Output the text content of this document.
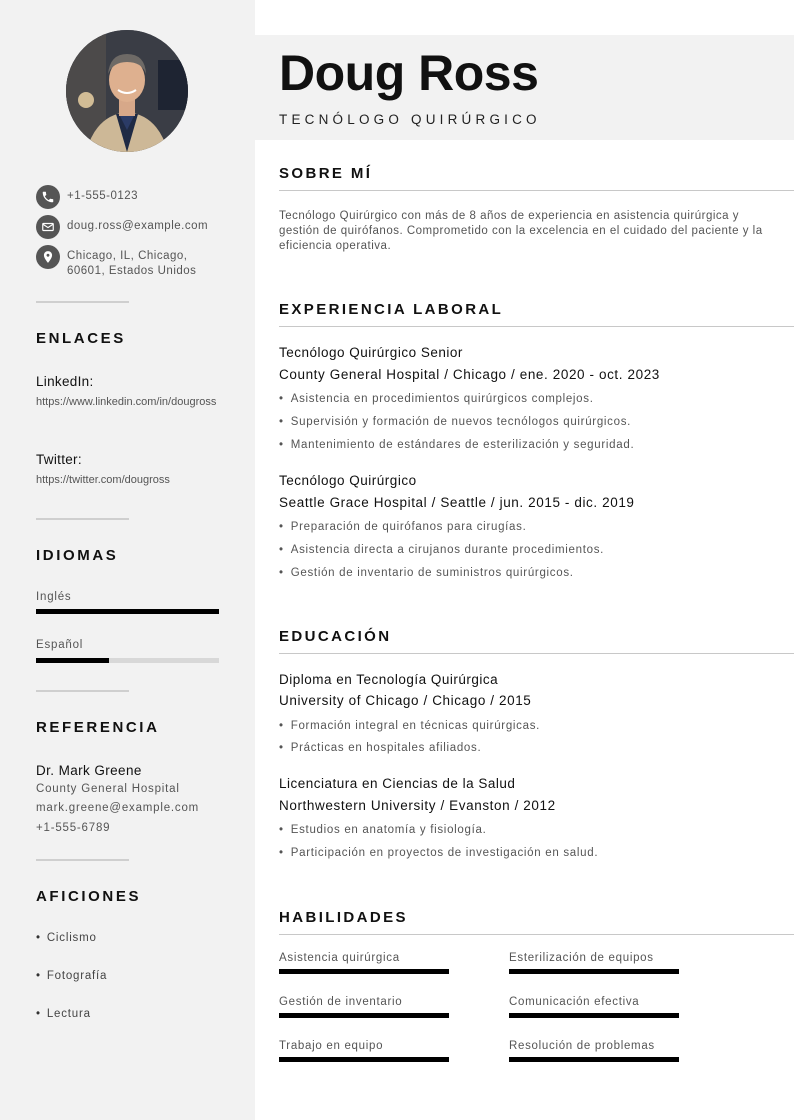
+1-555-0123
doug.ross@example.com
Chicago, IL, Chicago, 60601, Estados Unidos
ENLACES
LinkedIn:
https://www.linkedin.com/in/dougross
Twitter:
https://twitter.com/dougross
IDIOMAS
Inglés
Español
REFERENCIA
Dr. Mark Greene
County General Hospital
mark.greene@example.com
+1-555-6789
AFICIONES
• Ciclismo
• Fotografía
• Lectura
Doug Ross
TECNÓLOGO QUIRÚRGICO
SOBRE MÍ
Tecnólogo Quirúrgico con más de 8 años de experiencia en asistencia quirúrgica y gestión de quirófanos. Comprometido con la excelencia en el cuidado del paciente y la eficiencia operativa.
EXPERIENCIA LABORAL
Tecnólogo Quirúrgico Senior
County General Hospital / Chicago / ene. 2020 - oct. 2023
• Asistencia en procedimientos quirúrgicos complejos.
• Supervisión y formación de nuevos tecnólogos quirúrgicos.
• Mantenimiento de estándares de esterilización y seguridad.
Tecnólogo Quirúrgico
Seattle Grace Hospital / Seattle / jun. 2015 - dic. 2019
• Preparación de quirófanos para cirugías.
• Asistencia directa a cirujanos durante procedimientos.
• Gestión de inventario de suministros quirúrgicos.
EDUCACIÓN
Diploma en Tecnología Quirúrgica
University of Chicago / Chicago / 2015
• Formación integral en técnicas quirúrgicas.
• Prácticas en hospitales afiliados.
Licenciatura en Ciencias de la Salud
Northwestern University / Evanston / 2012
• Estudios en anatomía y fisiología.
• Participación en proyectos de investigación en salud.
HABILIDADES
Asistencia quirúrgica	Esterilización de equipos
Gestión de inventario	Comunicación efectiva
Trabajo en equipo	Resolución de problemas
